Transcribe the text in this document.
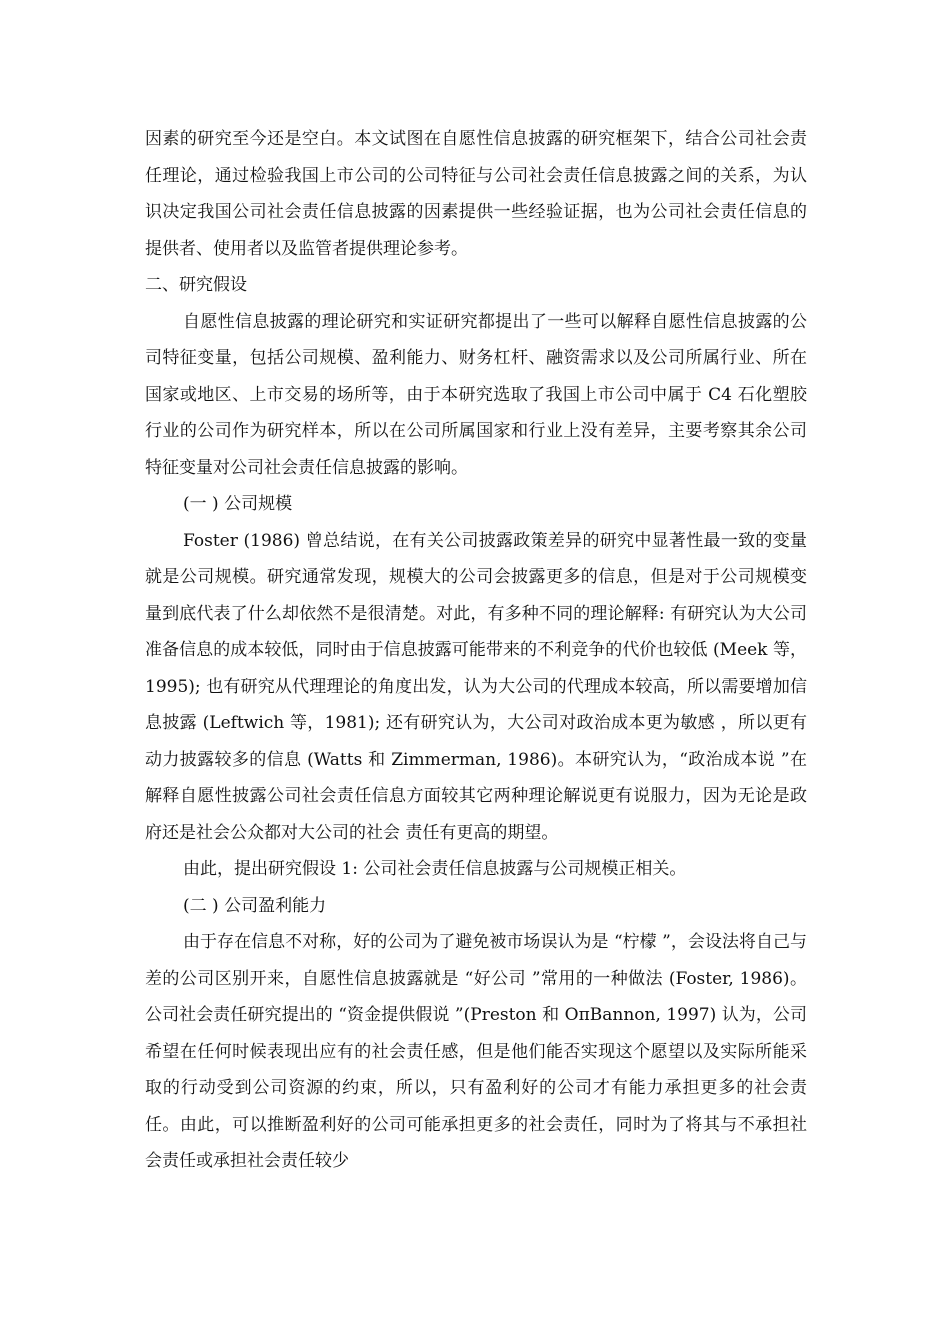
因素的研究至今还是空白。本文试图在自愿性信息披露的研究框架下，结合公司社会责任理论，通过检验我国上市公司的公司特征与公司社会责任信息披露之间的关系，为认识决定我国公司社会责任信息披露的因素提供一些经验证据，也为公司社会责任信息的提供者、使用者以及监管者提供理论参考。

二、研究假设

自愿性信息披露的理论研究和实证研究都提出了一些可以解释自愿性信息披露的公司特征变量，包括公司规模、盈利能力、财务杠杆、融资需求以及公司所属行业、所在国家或地区、上市交易的场所等，由于本研究选取了我国上市公司中属于 C4 石化塑胶行业的公司作为研究样本，所以在公司所属国家和行业上没有差异，主要考察其余公司特征变量对公司社会责任信息披露的影响。

(一 ) 公司规模

Foster (1986) 曾总结说，在有关公司披露政策差异的研究中显著性最一致的变量就是公司规模。研究通常发现，规模大的公司会披露更多的信息，但是对于公司规模变量到底代表了什么却依然不是很清楚。对此，有多种不同的理论解释: 有研究认为大公司准备信息的成本较低，同时由于信息披露可能带来的不利竞争的代价也较低 (Meek 等，1995); 也有研究从代理理论的角度出发，认为大公司的代理成本较高，所以需要增加信息披露 (Leftwich 等，1981); 还有研究认为，大公司对政治成本更为敏感 ，所以更有动力披露较多的信息 (Watts 和 Zimmerman, 1986)。本研究认为，“政治成本说 ”在解释自愿性披露公司社会责任信息方面较其它两种理论解说更有说服力，因为无论是政府还是社会公众都对大公司的社会 责任有更高的期望。

由此，提出研究假设 1: 公司社会责任信息披露与公司规模正相关。

(二 ) 公司盈利能力

由于存在信息不对称，好的公司为了避免被市场误认为是 “柠檬 ”，会设法将自己与差的公司区别开来，自愿性信息披露就是 “好公司 ”常用的一种做法 (Foster, 1986)。公司社会责任研究提出的 “资金提供假说 ”(Preston 和 OπBannon, 1997) 认为，公司希望在任何时候表现出应有的社会责任感，但是他们能否实现这个愿望以及实际所能采取的行动受到公司资源的约束，所以，只有盈利好的公司才有能力承担更多的社会责任。由此，可以推断盈利好的公司可能承担更多的社会责任，同时为了将其与不承担社会责任或承担社会责任较少
